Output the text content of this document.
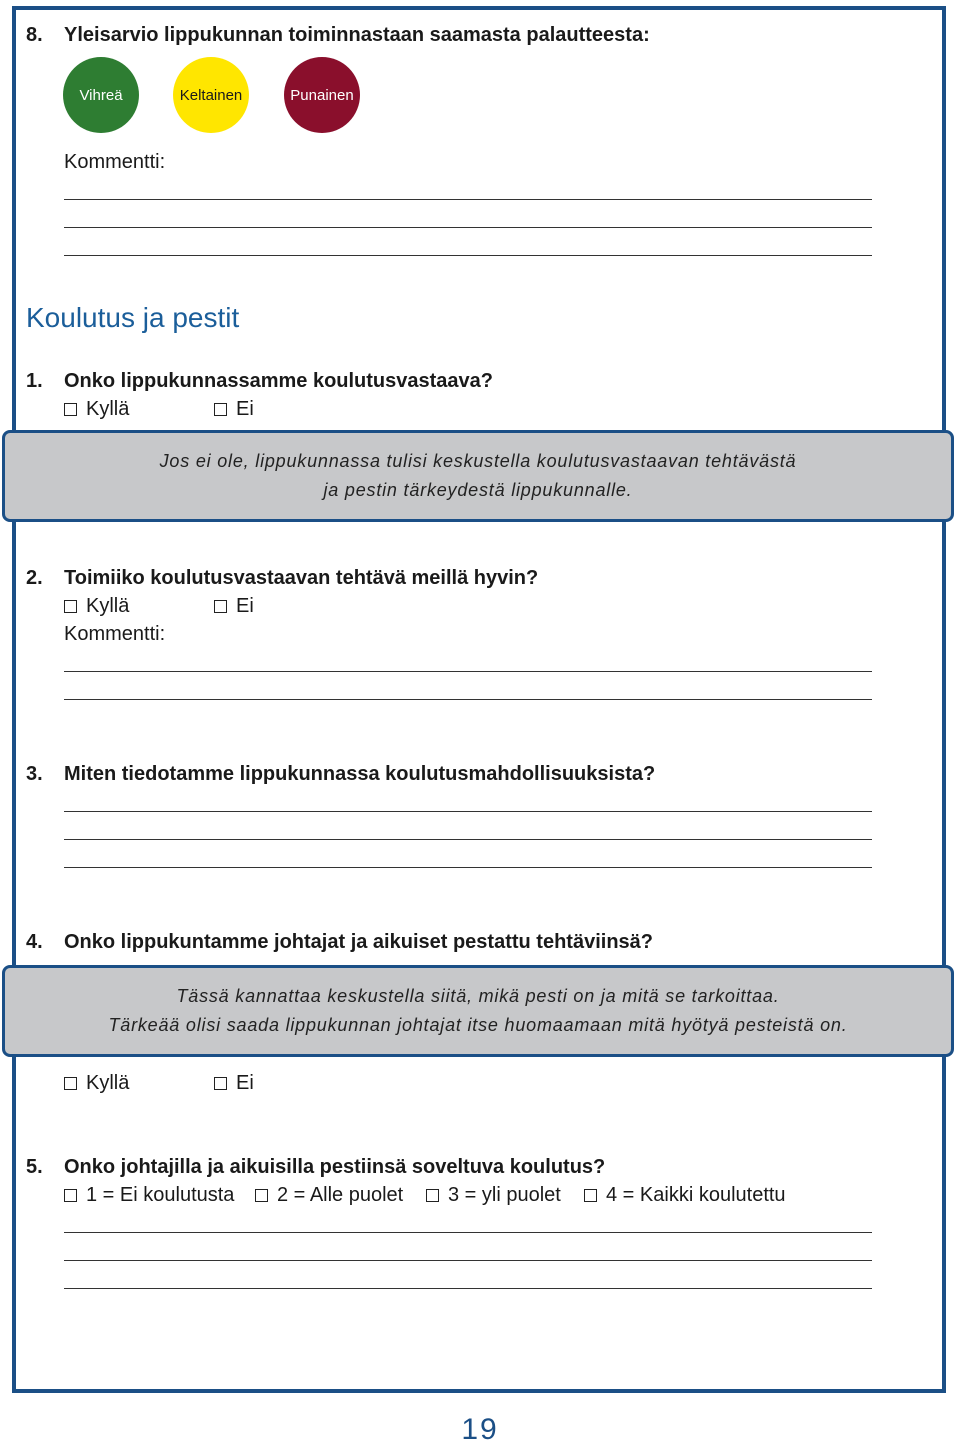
8. Yleisarvio lippukunnan toiminnastaan saamasta palautteesta:
Vihreä	Keltainen	Punainen
Kommentti:
Koulutus ja pestit
1. Onko lippukunnassamme koulutusvastaava?
Kyllä	Ei
Jos ei ole, lippukunnassa tulisi keskustella koulutusvastaavan tehtävästä
ja pestin tärkeydestä lippukunnalle.
2. Toimiiko koulutusvastaavan tehtävä meillä hyvin?
Kyllä	Ei
Kommentti:
3. Miten tiedotamme lippukunnassa koulutusmahdollisuuksista?
4. Onko lippukuntamme johtajat ja aikuiset pestattu tehtäviinsä?
Tässä kannattaa keskustella siitä, mikä pesti on ja mitä se tarkoittaa.
Tärkeää olisi saada lippukunnan johtajat itse huomaamaan mitä hyötyä pesteistä on.
Kyllä	Ei
5. Onko johtajilla ja aikuisilla pestiinsä soveltuva koulutus?
1 = Ei koulutusta 2 = Alle puolet 3 = yli puolet 4 = Kaikki koulutettu
19
